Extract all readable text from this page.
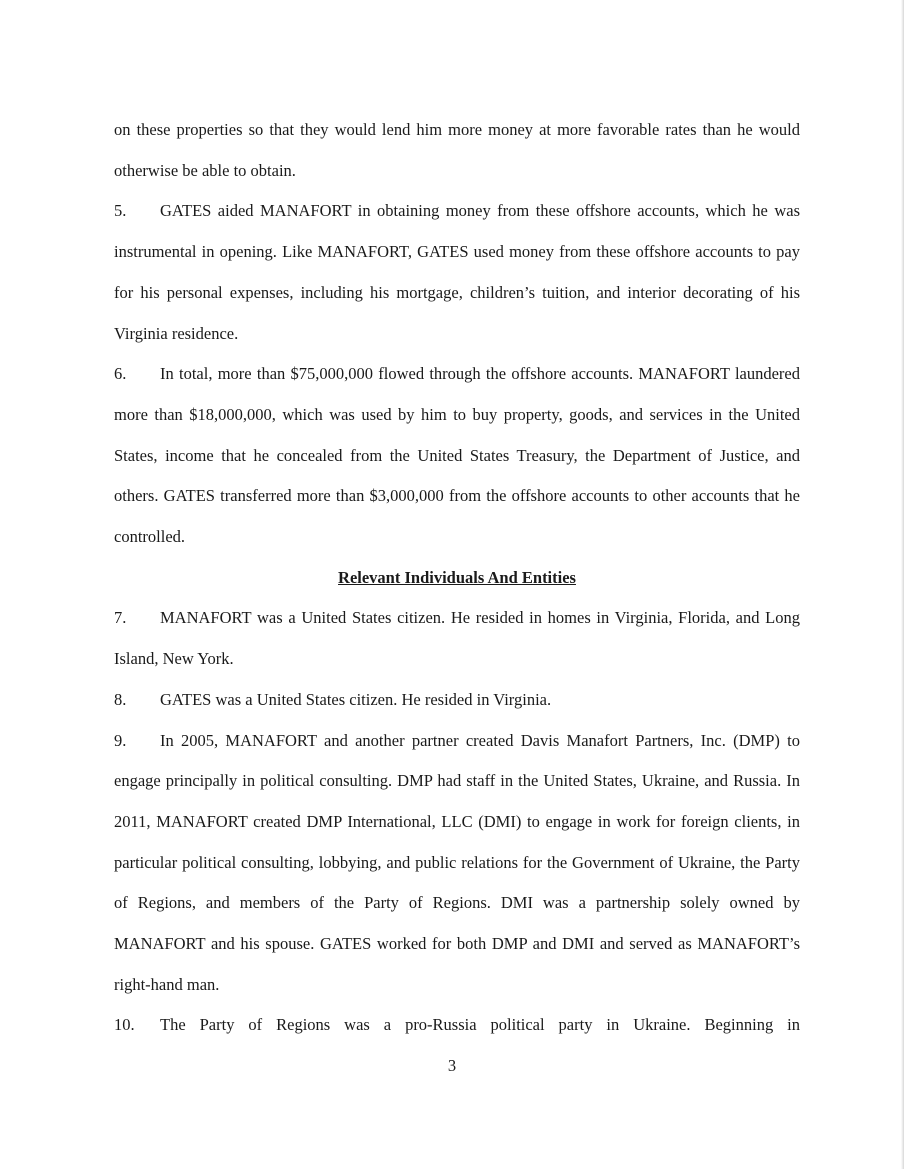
on these properties so that they would lend him more money at more favorable rates than he would otherwise be able to obtain.

5. GATES aided MANAFORT in obtaining money from these offshore accounts, which he was instrumental in opening. Like MANAFORT, GATES used money from these offshore accounts to pay for his personal expenses, including his mortgage, children’s tuition, and interior decorating of his Virginia residence.

6. In total, more than $75,000,000 flowed through the offshore accounts. MANAFORT laundered more than $18,000,000, which was used by him to buy property, goods, and services in the United States, income that he concealed from the United States Treasury, the Department of Justice, and others. GATES transferred more than $3,000,000 from the offshore accounts to other accounts that he controlled.

Relevant Individuals And Entities

7. MANAFORT was a United States citizen. He resided in homes in Virginia, Florida, and Long Island, New York.

8. GATES was a United States citizen. He resided in Virginia.

9. In 2005, MANAFORT and another partner created Davis Manafort Partners, Inc. (DMP) to engage principally in political consulting. DMP had staff in the United States, Ukraine, and Russia. In 2011, MANAFORT created DMP International, LLC (DMI) to engage in work for foreign clients, in particular political consulting, lobbying, and public relations for the Government of Ukraine, the Party of Regions, and members of the Party of Regions. DMI was a partnership solely owned by MANAFORT and his spouse. GATES worked for both DMP and DMI and served as MANAFORT’s right-hand man.

10. The Party of Regions was a pro-Russia political party in Ukraine. Beginning in

3
